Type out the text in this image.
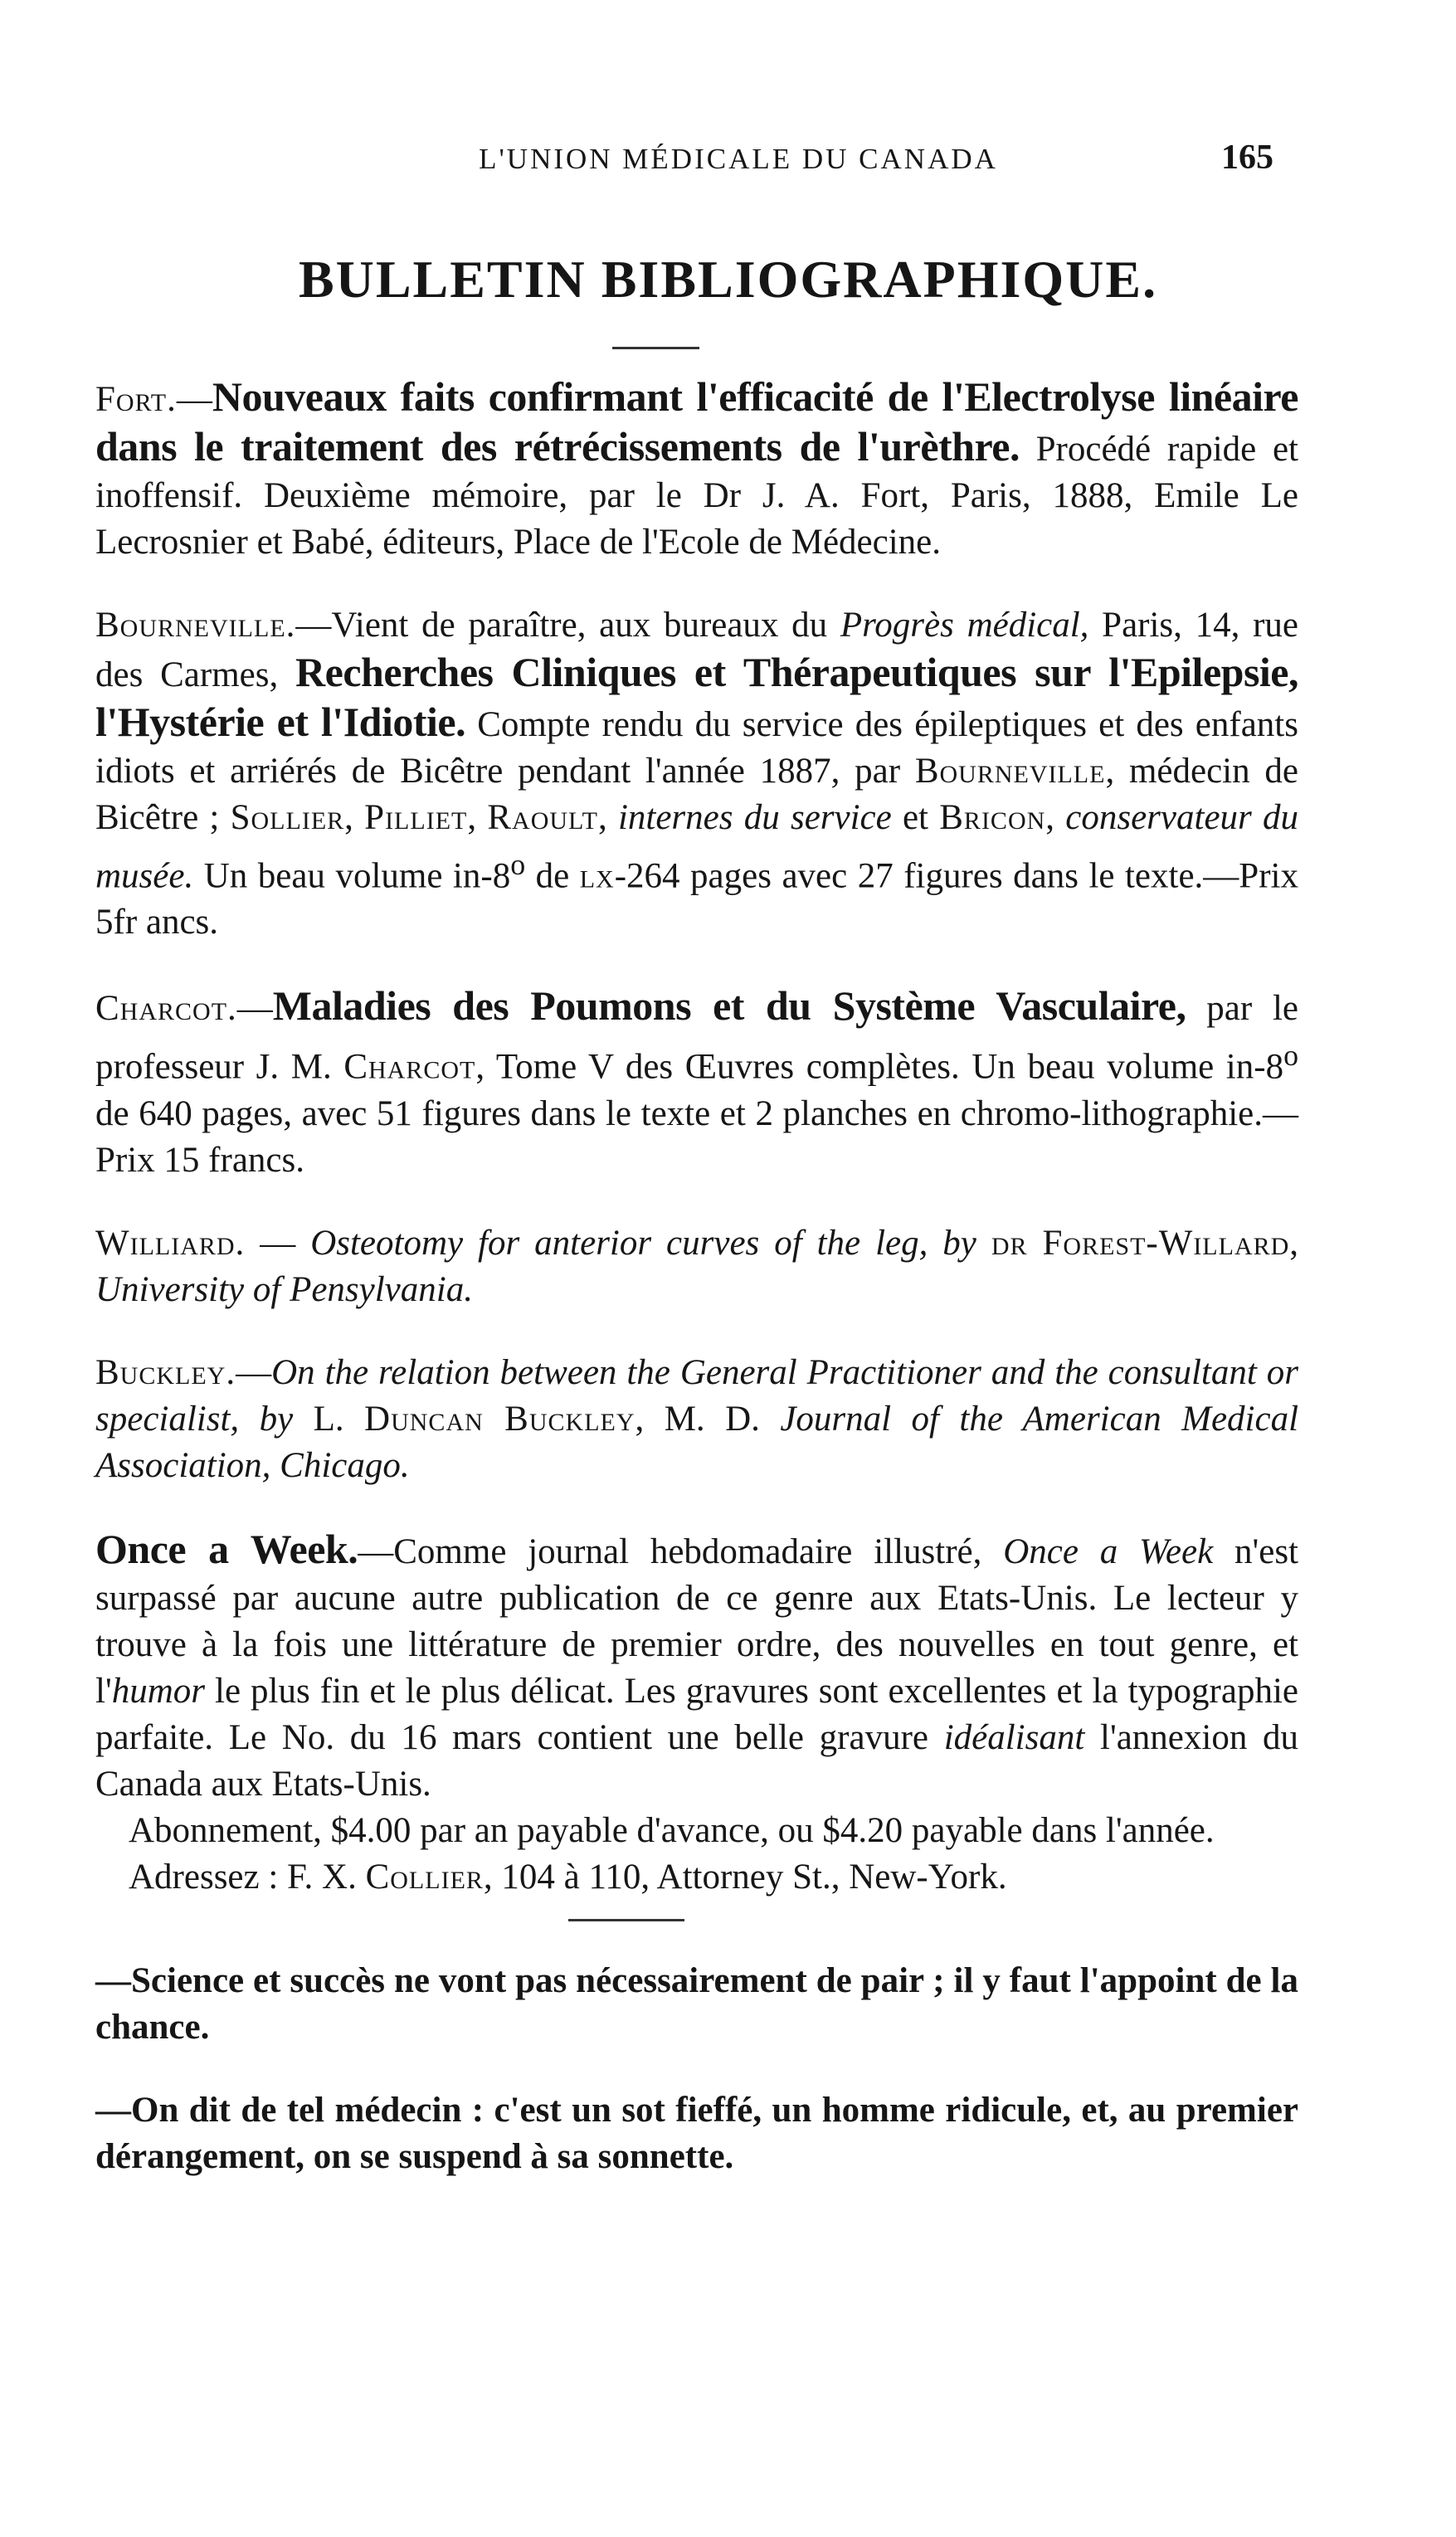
L'UNION MÉDICALE DU CANADA	165
BULLETIN BIBLIOGRAPHIQUE.

Fort.—Nouveaux faits confirmant l'efficacité de l'Electrolyse linéaire dans le traitement des rétrécissements de l'urèthre. Procédé rapide et inoffensif. Deuxième mémoire, par le Dr J. A. Fort, Paris, 1888, Emile Le Lecrosnier et Babé, éditeurs, Place de l'Ecole de Médecine.

Bourneville.—Vient de paraître, aux bureaux du Progrès médical, Paris, 14, rue des Carmes, Recherches Cliniques et Thérapeutiques sur l'Epilepsie, l'Hystérie et l'Idiotie. Compte rendu du service des épileptiques et des enfants idiots et arriérés de Bicêtre pendant l'année 1887, par Bourneville, médecin de Bicêtre ; Sollier, Pilliet, Raoult, internes du service et Bricon, conservateur du musée. Un beau volume in-8$^o$ de lx-264 pages avec 27 figures dans le texte.—Prix 5fr ancs.

Charcot.—Maladies des Poumons et du Système Vasculaire, par le professeur J. M. Charcot, Tome V des Œuvres complètes. Un beau volume in-8$^o$ de 640 pages, avec 51 figures dans le texte et 2 planches en chromo-lithographie.—Prix 15 francs.

Williard. — Osteotomy for anterior curves of the leg, by dr Forest-Willard, University of Pensylvania.

Buckley.—On the relation between the General Practitioner and the consultant or specialist, by L. Duncan Buckley, M. D. Journal of the American Medical Association, Chicago.

Once a Week.—Comme journal hebdomadaire illustré, Once a Week n'est surpassé par aucune autre publication de ce genre aux Etats-Unis. Le lecteur y trouve à la fois une littérature de premier ordre, des nouvelles en tout genre, et l'humor le plus fin et le plus délicat. Les gravures sont excellentes et la typographie parfaite. Le No. du 16 mars contient une belle gravure idéalisant l'annexion du Canada aux Etats-Unis.

Abonnement, $4.00 par an payable d'avance, ou $4.20 payable dans l'année.

Adressez : F. X. Collier, 104 à 110, Attorney St., New-York.

—Science et succès ne vont pas nécessairement de pair ; il y faut l'appoint de la chance.

—On dit de tel médecin : c'est un sot fieffé, un homme ridicule, et, au premier dérangement, on se suspend à sa sonnette.
